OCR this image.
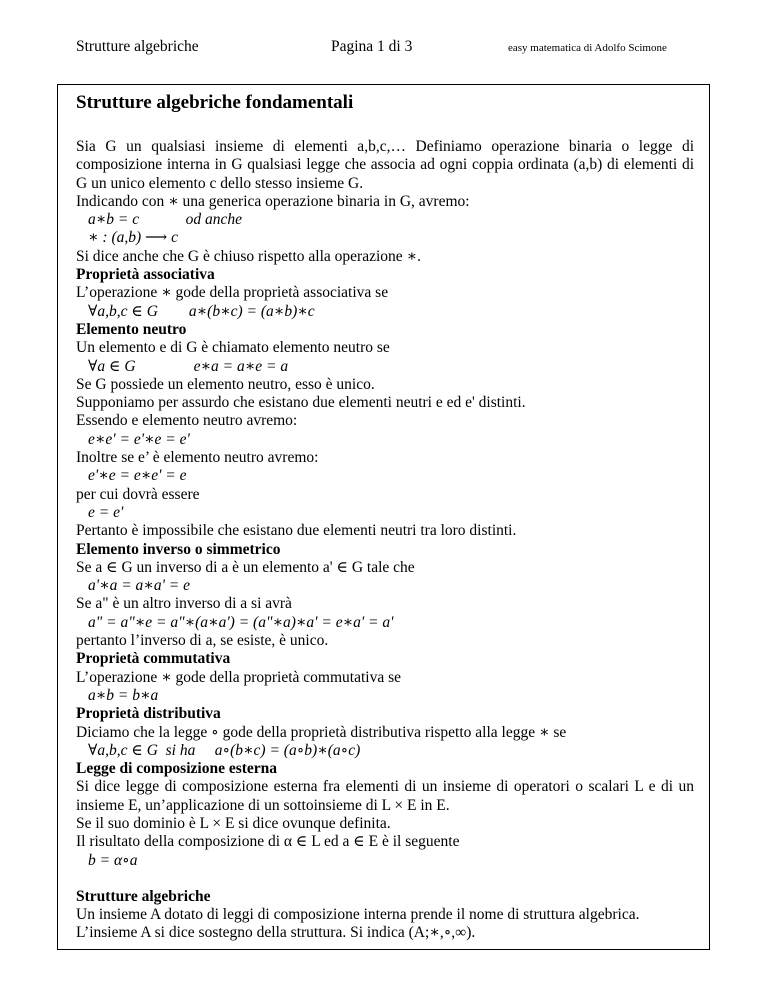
Strutture algebriche	Pagina 1 di 3	easy matematica di Adolfo Scimone
Strutture algebriche fondamentali

Sia G un qualsiasi insieme di elementi a,b,c,… Definiamo operazione binaria o legge di composizione interna in G qualsiasi legge che associa ad ogni coppia ordinata (a,b) di elementi di G un unico elemento c dello stesso insieme G.

Indicando con ∗ una generica operazione binaria in G, avremo:

a∗b = c            od anche

∗ : (a,b) ⟶ c

Si dice anche che G è chiuso rispetto alla operazione ∗.

Proprietà associativa

L’operazione ∗ gode della proprietà associativa se

∀a,b,c ∈ G        a∗(b∗c) = (a∗b)∗c

Elemento neutro

Un elemento e di G è chiamato elemento neutro se

∀a ∈ G               e∗a = a∗e = a

Se G possiede un elemento neutro, esso è unico.

Supponiamo per assurdo che esistano due elementi neutri e ed e' distinti.

Essendo e elemento neutro avremo:

e∗e' = e'∗e = e'

Inoltre se e’ è elemento neutro avremo:

e'∗e = e∗e' = e

per cui dovrà essere

e = e'

Pertanto è impossibile che esistano due elementi neutri tra loro distinti.

Elemento inverso o simmetrico

Se a ∈ G un inverso di a è un elemento a' ∈ G tale che

a'∗a = a∗a' = e

Se a" è un altro inverso di a si avrà

a" = a"∗e = a"∗(a∗a') = (a"∗a)∗a' = e∗a' = a'

pertanto l’inverso di a, se esiste, è unico.

Proprietà commutativa

L’operazione ∗ gode della proprietà commutativa se

a∗b = b∗a

Proprietà distributiva

Diciamo che la legge ∘ gode della proprietà distributiva rispetto alla legge ∗ se

∀a,b,c ∈ G  si ha     a∘(b∗c) = (a∘b)∗(a∘c)

Legge di composizione esterna

Si dice legge di composizione esterna fra elementi di un insieme di operatori o scalari L e di un insieme E, un’applicazione di un sottoinsieme di L × E in E.

Se il suo dominio è L × E si dice ovunque definita.

Il risultato della composizione di α ∈ L ed a ∈ E è il seguente

b = α∘a

Strutture algebriche

Un insieme A dotato di leggi di composizione interna prende il nome di struttura algebrica.

L’insieme A si dice sostegno della struttura. Si indica (A;∗,∘,∞).
